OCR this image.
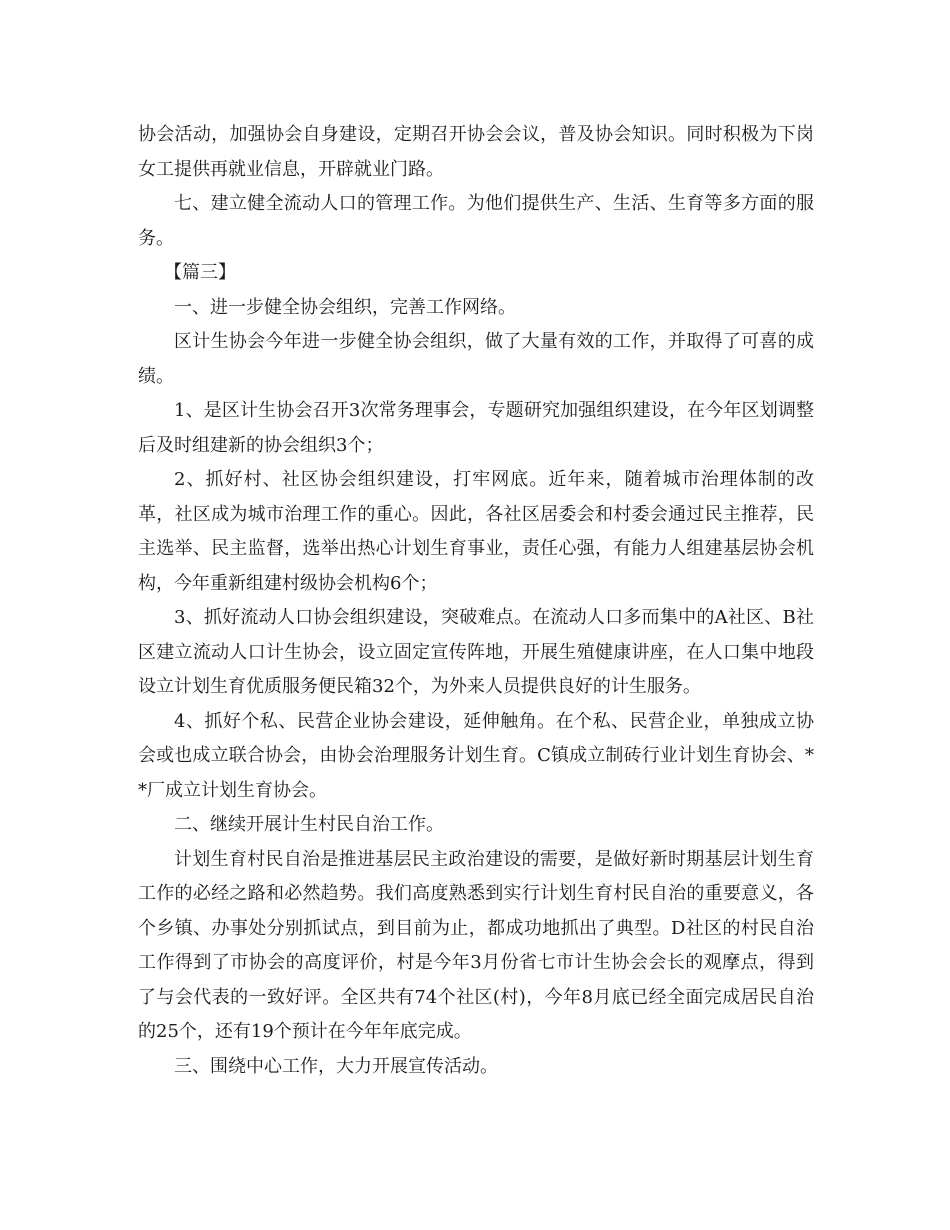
协会活动，加强协会自身建设，定期召开协会会议，普及协会知识。同时积极为下岗女工提供再就业信息，开辟就业门路。

七、建立健全流动人口的管理工作。为他们提供生产、生活、生育等多方面的服务。

【篇三】

一、进一步健全协会组织，完善工作网络。

区计生协会今年进一步健全协会组织，做了大量有效的工作，并取得了可喜的成绩。

1、是区计生协会召开3次常务理事会，专题研究加强组织建设，在今年区划调整后及时组建新的协会组织3个；

2、抓好村、社区协会组织建设，打牢网底。近年来，随着城市治理体制的改革，社区成为城市治理工作的重心。因此，各社区居委会和村委会通过民主推荐，民主选举、民主监督，选举出热心计划生育事业，责任心强，有能力人组建基层协会机构，今年重新组建村级协会机构6个；

3、抓好流动人口协会组织建设，突破难点。在流动人口多而集中的A社区、B社区建立流动人口计生协会，设立固定宣传阵地，开展生殖健康讲座，在人口集中地段设立计划生育优质服务便民箱32个，为外来人员提供良好的计生服务。

4、抓好个私、民营企业协会建设，延伸触角。在个私、民营企业，单独成立协会或也成立联合协会，由协会治理服务计划生育。C镇成立制砖行业计划生育协会、**厂成立计划生育协会。

二、继续开展计生村民自治工作。

计划生育村民自治是推进基层民主政治建设的需要，是做好新时期基层计划生育工作的必经之路和必然趋势。我们高度熟悉到实行计划生育村民自治的重要意义，各个乡镇、办事处分别抓试点，到目前为止，都成功地抓出了典型。D社区的村民自治工作得到了市协会的高度评价，村是今年3月份省七市计生协会会长的观摩点，得到了与会代表的一致好评。全区共有74个社区(村)，今年8月底已经全面完成居民自治的25个，还有19个预计在今年年底完成。

三、围绕中心工作，大力开展宣传活动。
